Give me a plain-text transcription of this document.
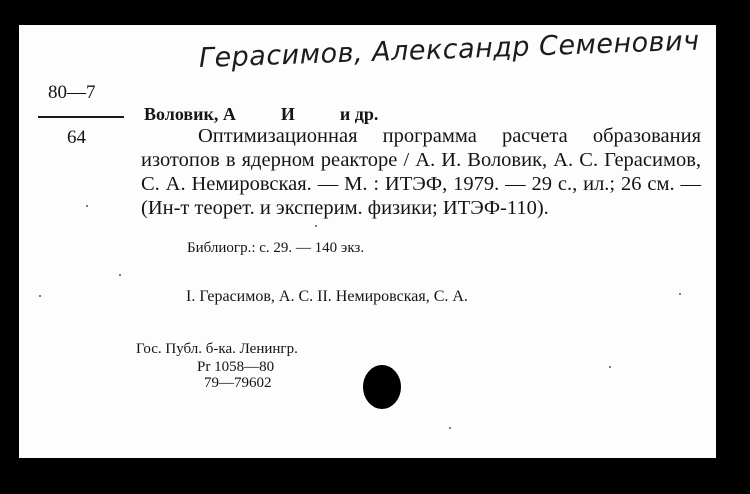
Герасимов, Александр Семенович
80—7
64
Воловик, А          И          и др.

Оптимизационная программа расчета образования изотопов в ядерном реакторе / А. И. Воловик, А. С. Герасимов, С. А. Немировская. — М. : ИТЭФ, 1979. — 29 с., ил.; 26 см. — (Ин-т теорет. и эксперим. физики; ИТЭФ-110).

Библиогр.: с. 29. — 140 экз.
I. Герасимов, А. С. II. Немировская, С. А.
Гос. Публ. б-ка. Ленингр.
Pr 1058—80
79—79602
